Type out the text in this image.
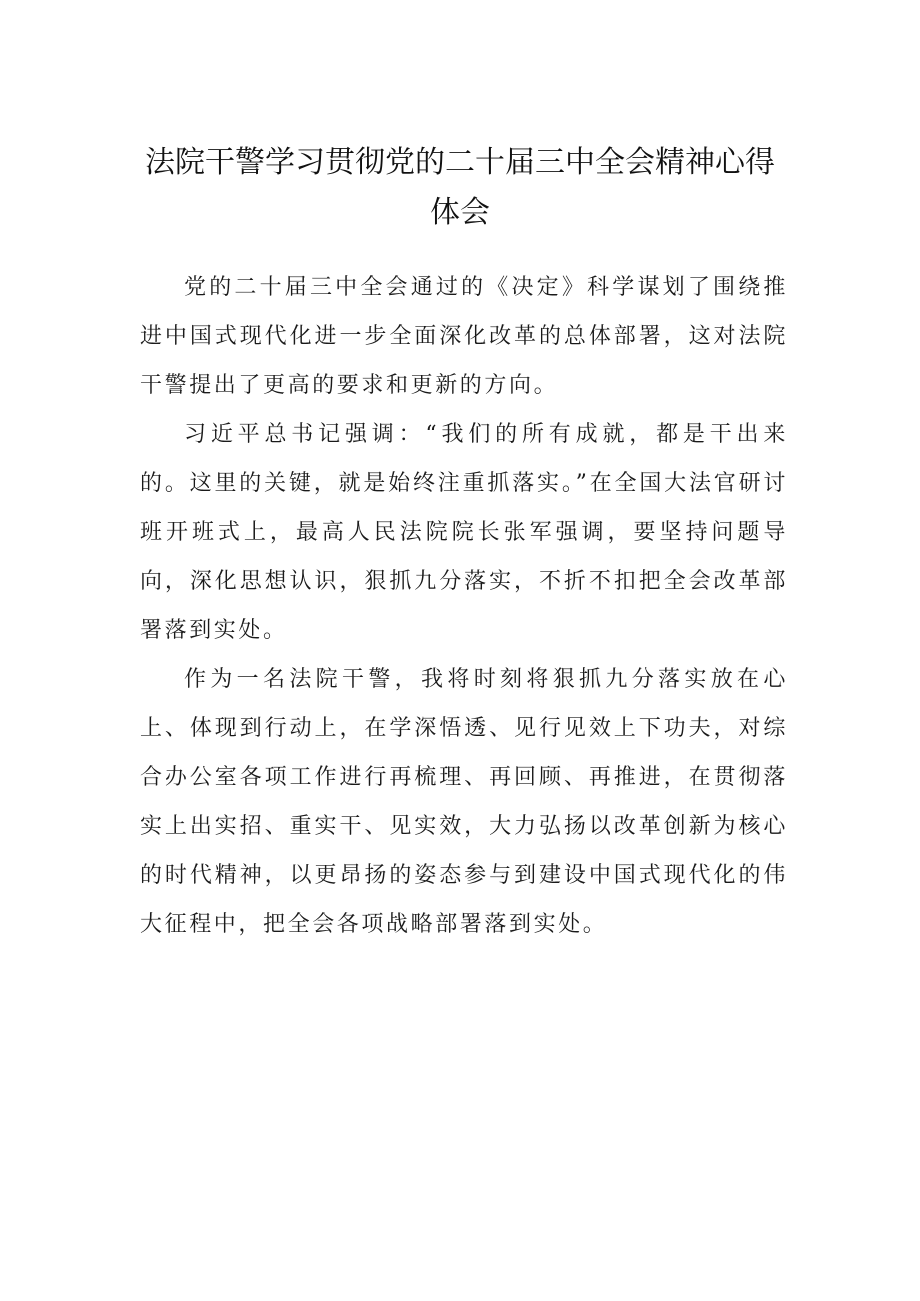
法院干警学习贯彻党的二十届三中全会精神心得体会

党的二十届三中全会通过的《决定》科学谋划了围绕推进中国式现代化进一步全面深化改革的总体部署，这对法院干警提出了更高的要求和更新的方向。

习近平总书记强调：“我们的所有成就，都是干出来的。这里的关键，就是始终注重抓落实。”在全国大法官研讨班开班式上，最高人民法院院长张军强调，要坚持问题导向，深化思想认识，狠抓九分落实，不折不扣把全会改革部署落到实处。

作为一名法院干警，我将时刻将狠抓九分落实放在心上、体现到行动上，在学深悟透、见行见效上下功夫，对综合办公室各项工作进行再梳理、再回顾、再推进，在贯彻落实上出实招、重实干、见实效，大力弘扬以改革创新为核心的时代精神，以更昂扬的姿态参与到建设中国式现代化的伟大征程中，把全会各项战略部署落到实处。
